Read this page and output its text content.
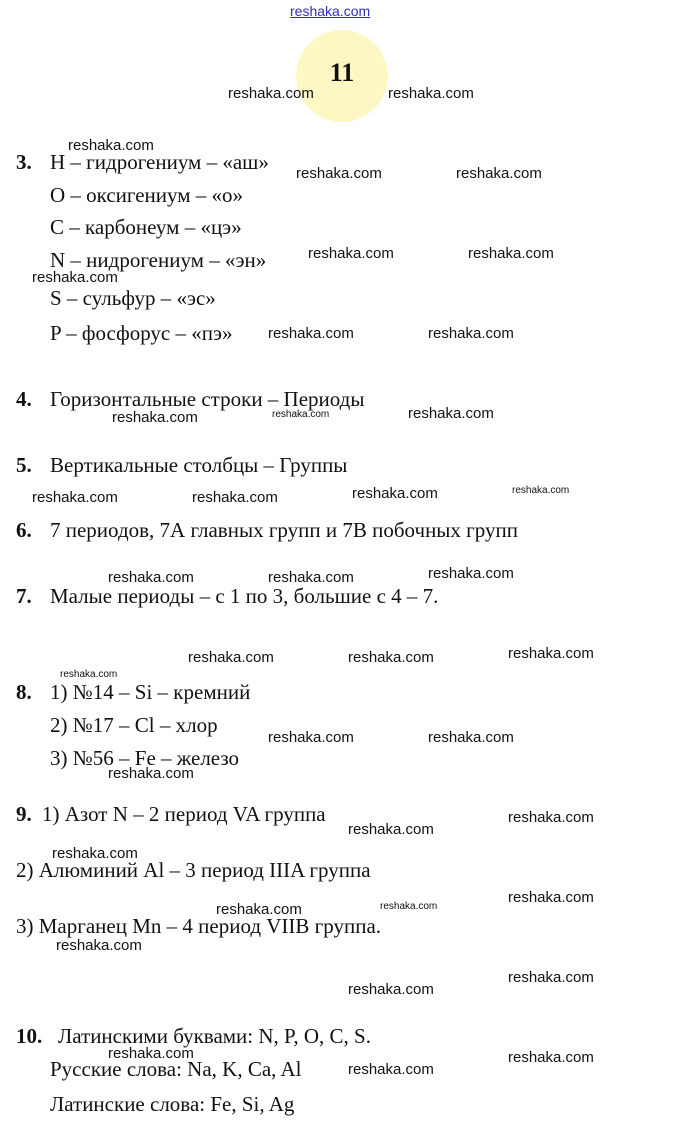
reshaka.com
11
3. H – гидрогениум – «аш»
O – оксигениум – «о»
C – карбонеум – «цэ»
N – нидрогениум – «эн»
S – сульфур – «эс»
P – фосфорус – «пэ»
4. Горизонтальные строки – Периоды
5. Вертикальные столбцы – Группы
6. 7 периодов, 7А главных групп и 7В побочных групп
7. Малые периоды – с 1 по 3, большие с 4 – 7.
8. 1) №14 – Si – кремний
2) №17 – Cl – хлор
3) №56 – Fe – железо
9. 1) Азот N – 2 период VA группа
2) Алюминий Al – 3 период IIIA группа
3) Марганец Mn – 4 период VIIB группа.
10. Латинскими буквами: N, P, O, C, S.
Русские слова: Na, K, Ca, Al
Латинские слова: Fe, Si, Ag
reshaka.com	reshaka.com
reshaka.com
reshaka.com	reshaka.com
reshaka.com	reshaka.com
reshaka.com
reshaka.com	reshaka.com
reshaka.com	reshaka.com
reshaka.com
reshaka.com	reshaka.com	reshaka.com	reshaka.com
reshaka.com	reshaka.com	reshaka.com
reshaka.com	reshaka.com	reshaka.com
reshaka.com
reshaka.com	reshaka.com
reshaka.com
reshaka.com
reshaka.com
reshaka.com
reshaka.com
reshaka.com	reshaka.com
reshaka.com
reshaka.com
reshaka.com
reshaka.com	reshaka.com
reshaka.com
